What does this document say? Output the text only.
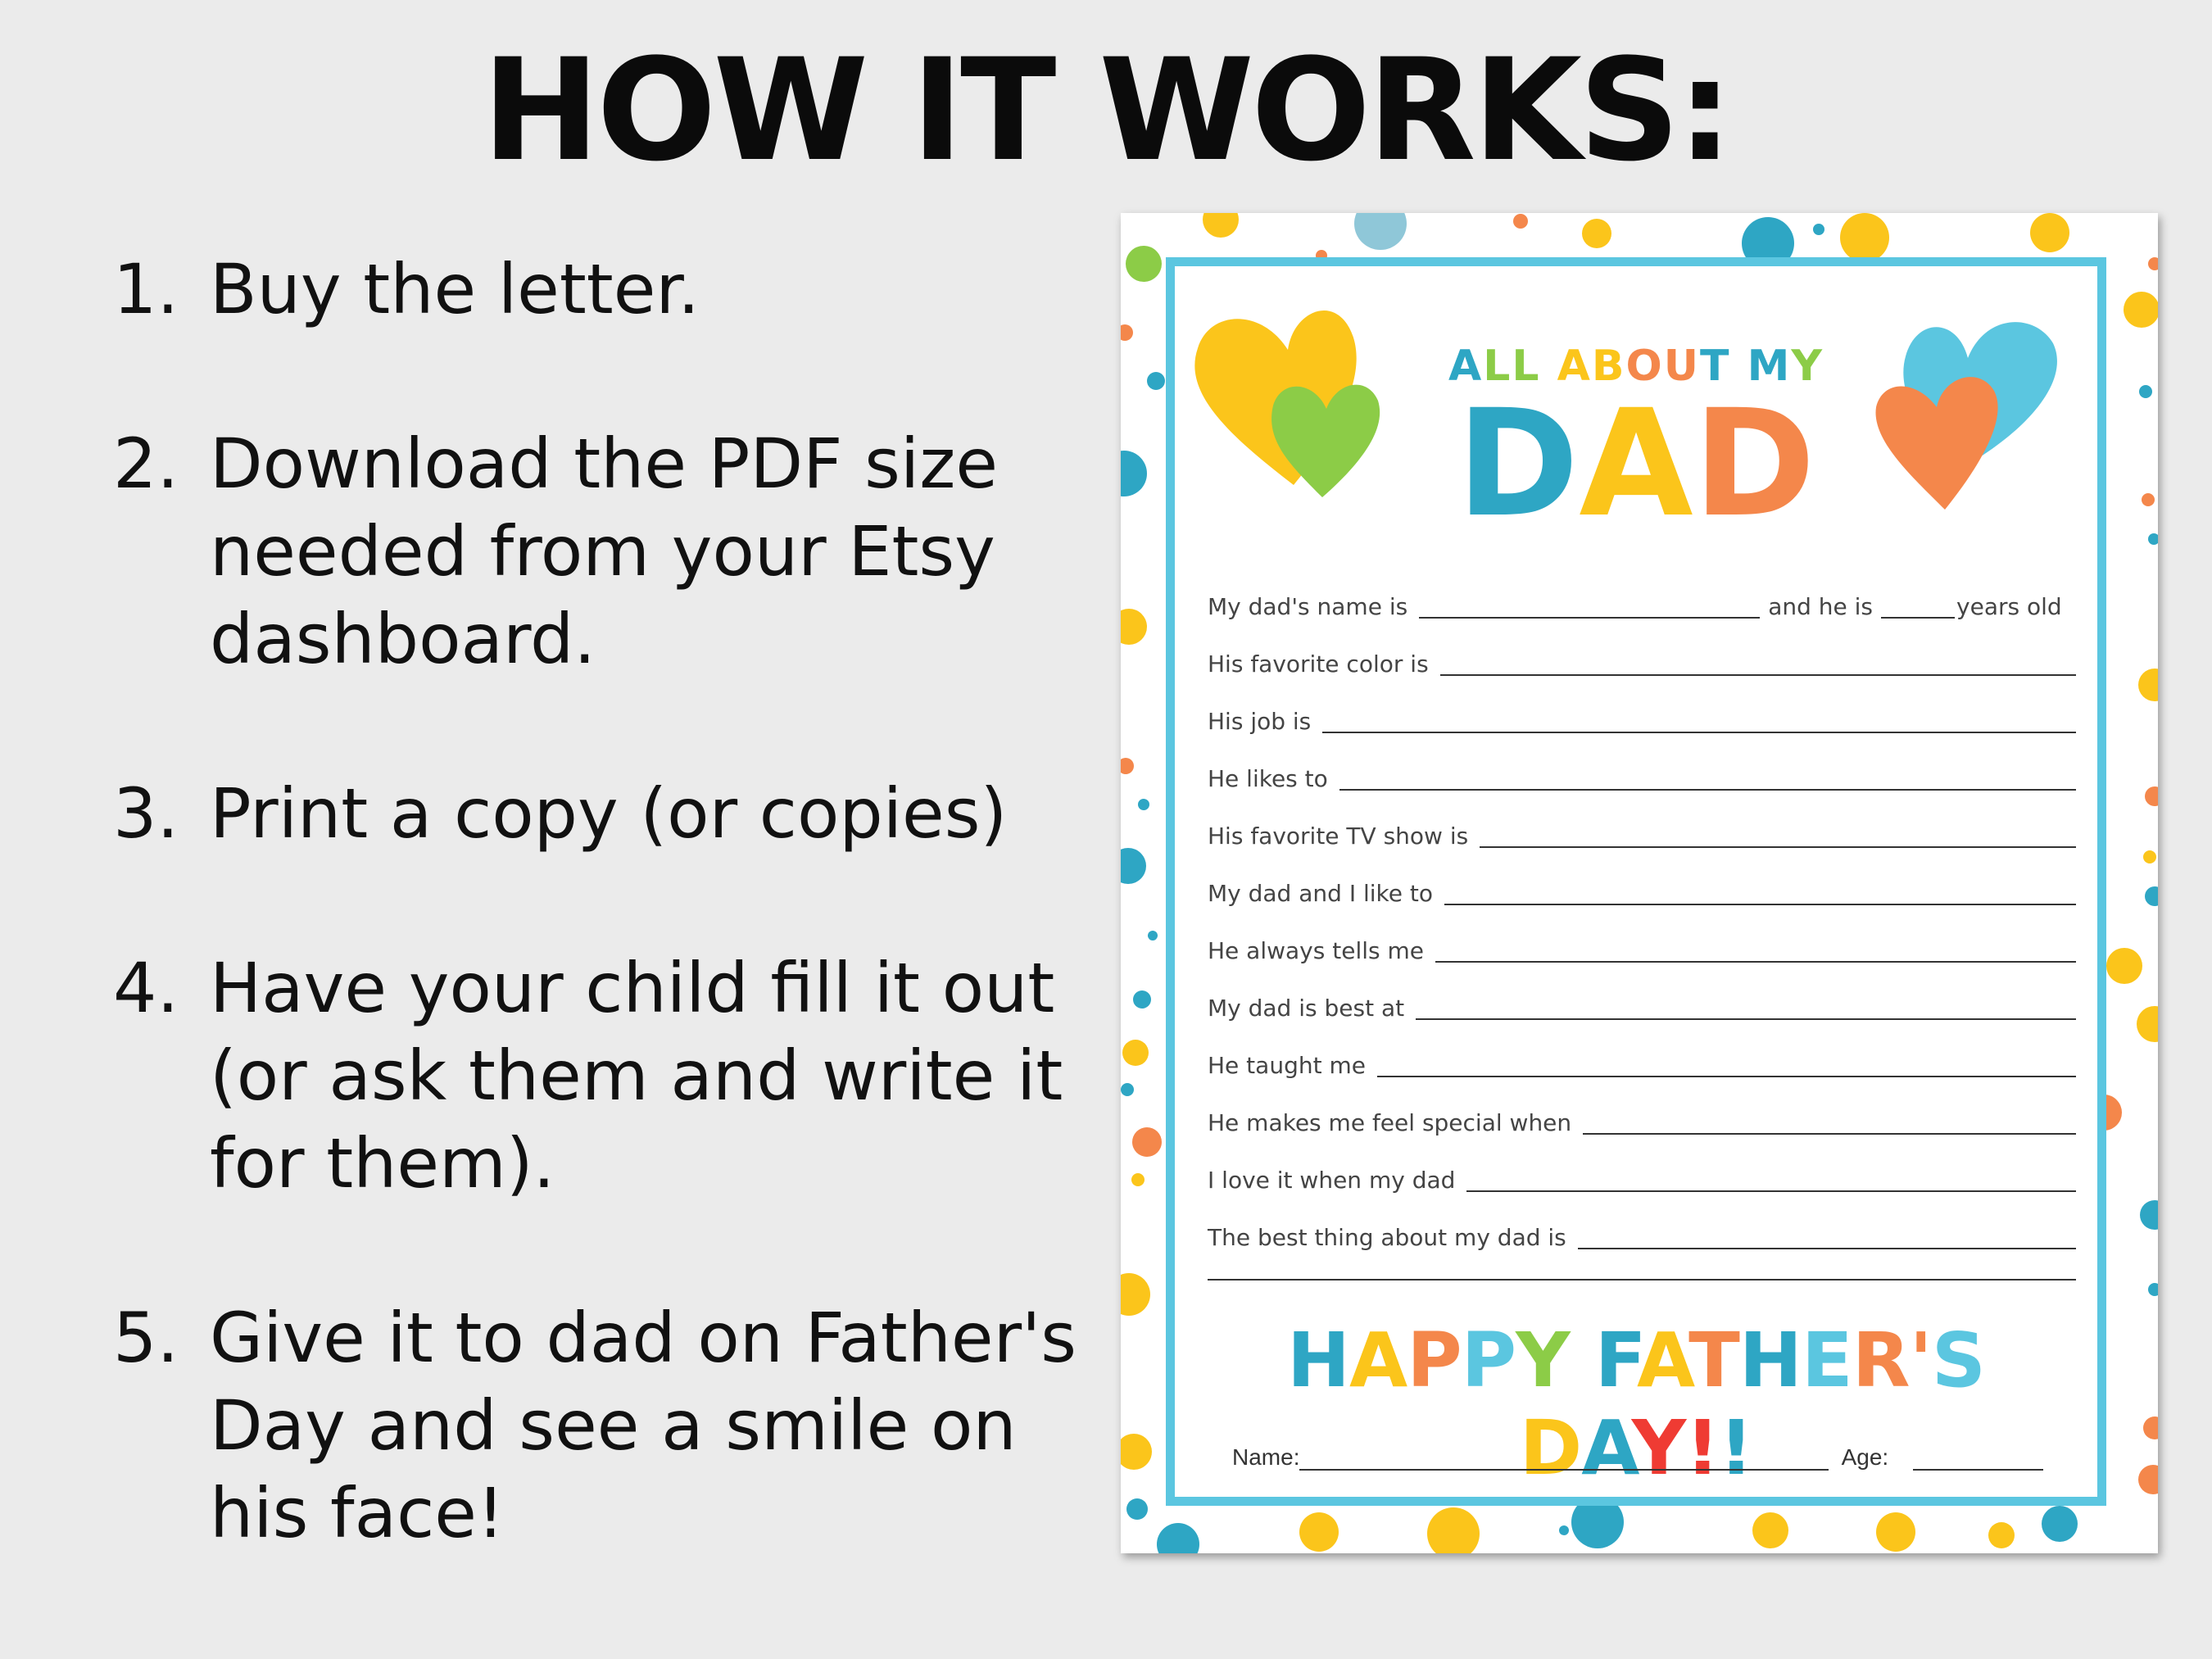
HOW IT WORKS:
1. Buy the letter.
2. Download the PDF size needed from your Etsy dashboard.
3. Print a copy (or copies)
4. Have your child fill it out (or ask them and write it for them).
5. Give it to dad on Father's Day and see a smile on his face!
ALL ABOUT MY
DAD
My dad's name is	and he is	years old
His favorite color is
His job is
He likes to
His favorite TV show is
My dad and I like to
He always tells me
My dad is best at
He taught me
He makes me feel special when
I love it when my dad
The best thing about my dad is
HAPPY FATHER'S DAY!!
Name:	Age:
